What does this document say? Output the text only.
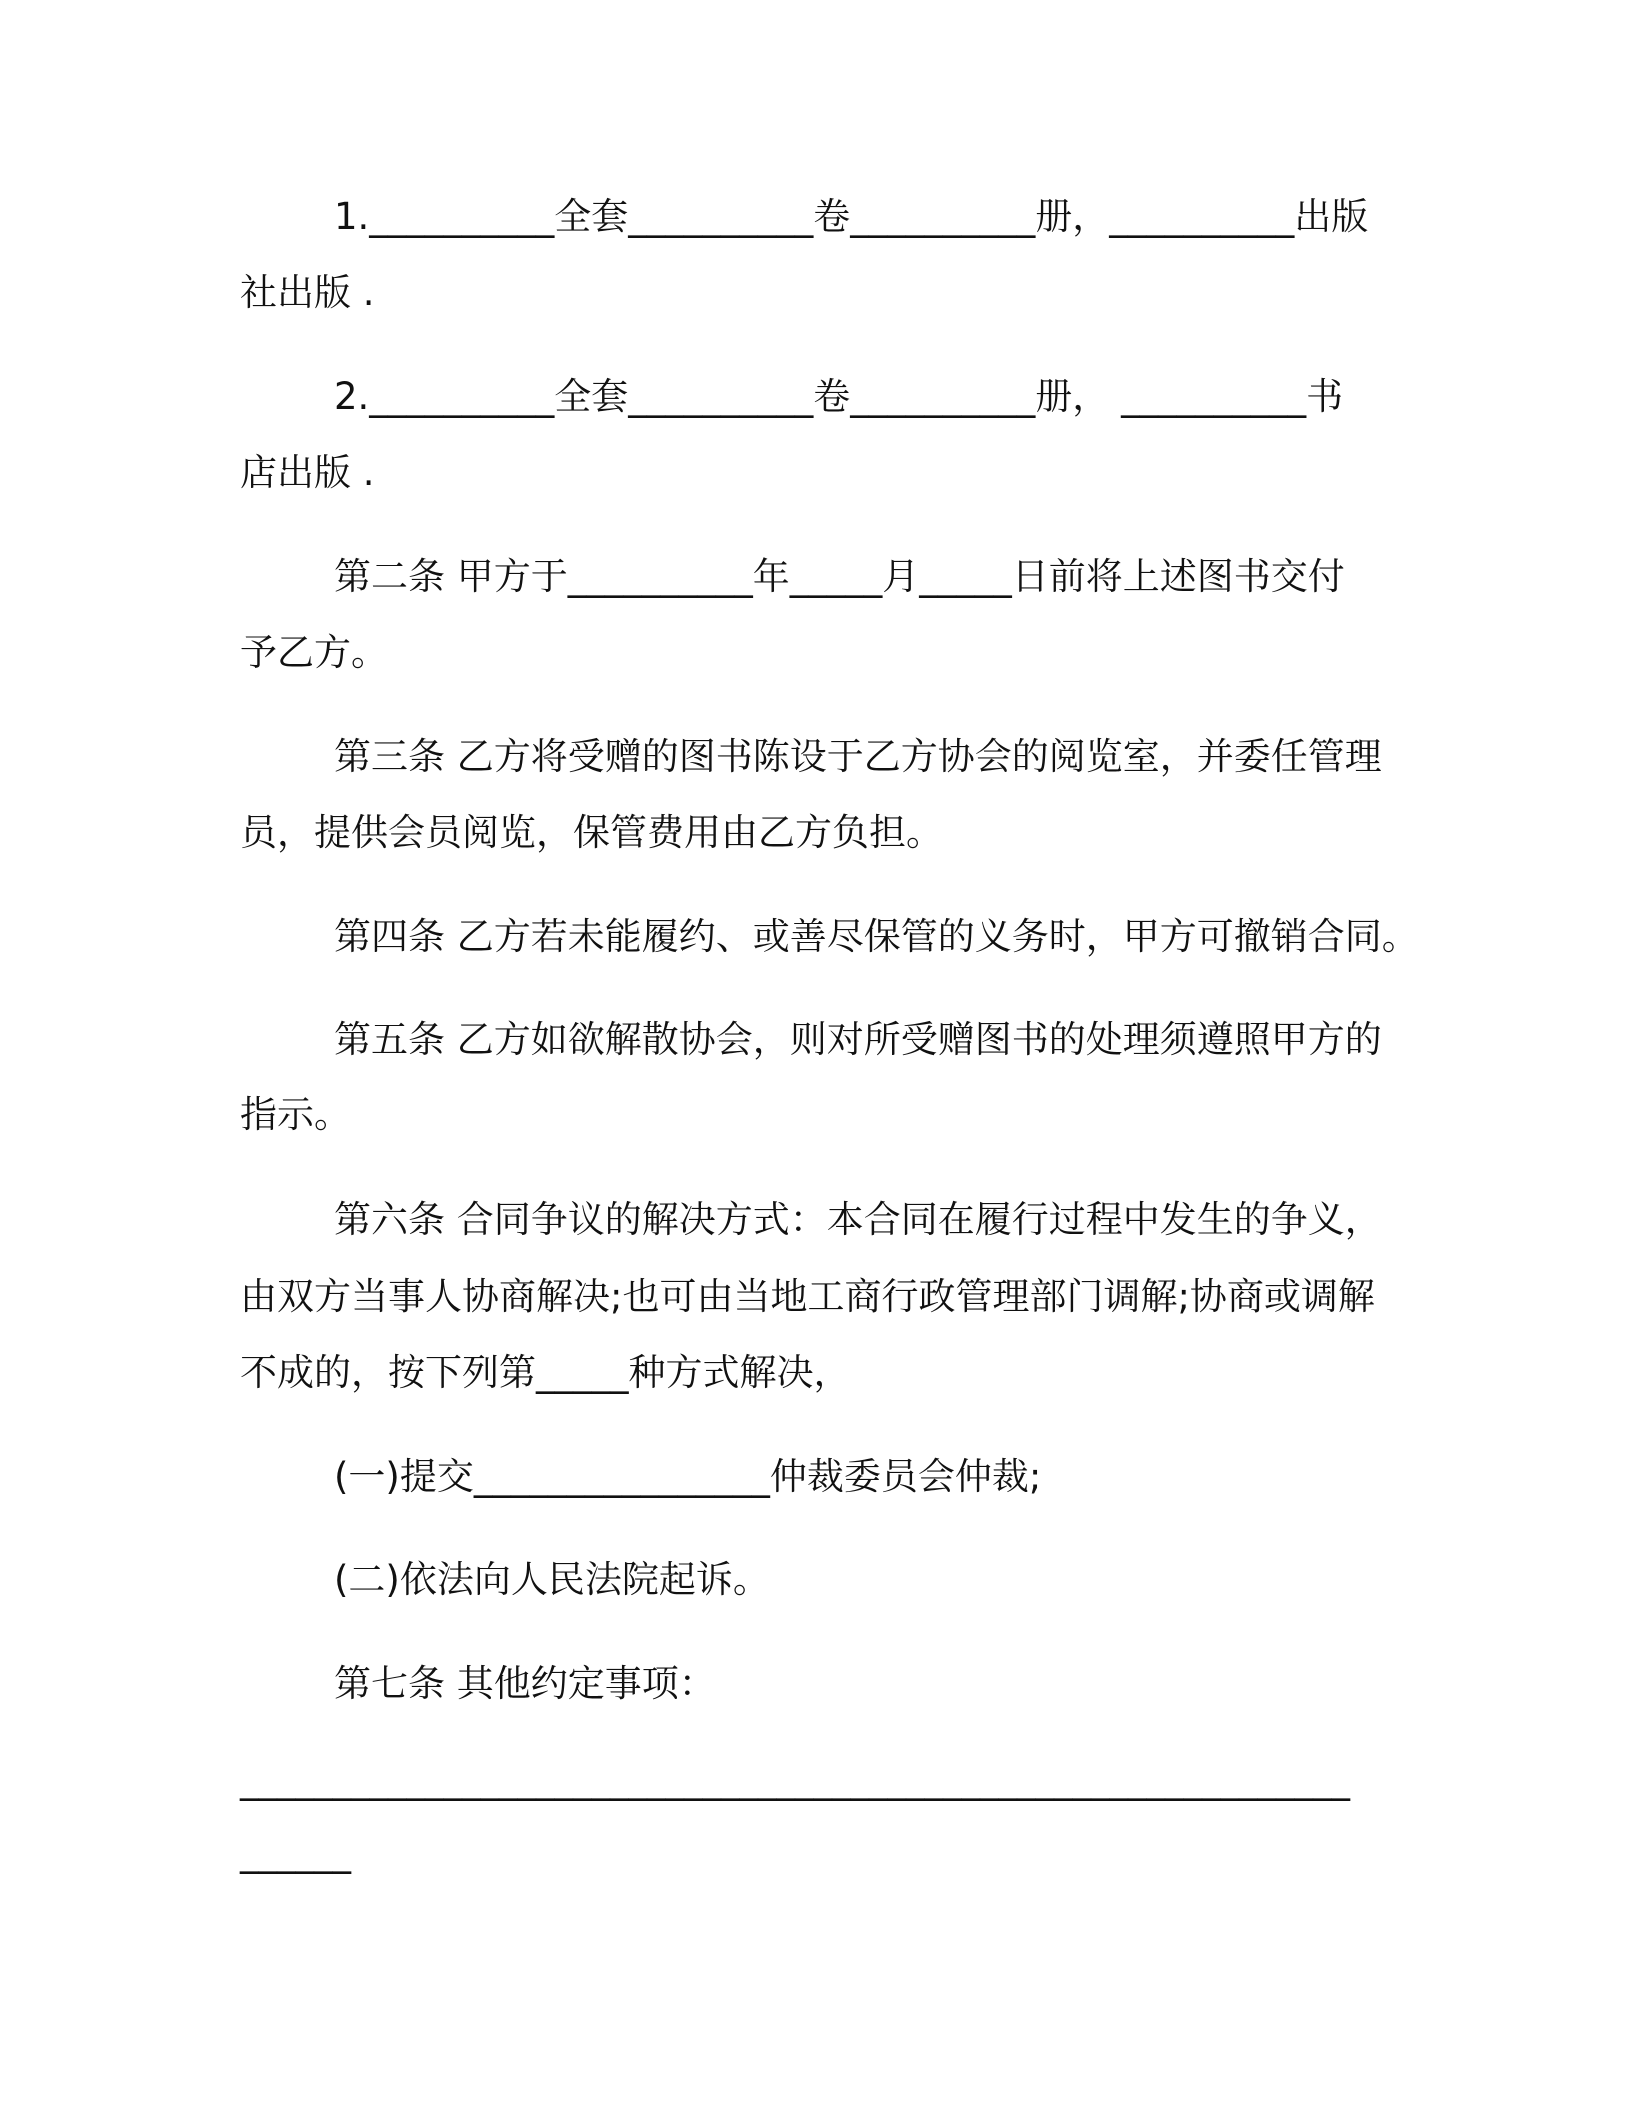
1.__________全套__________卷__________册，__________出版
社出版 .
2.__________全套__________卷__________册， __________书
店出版 .
第二条 甲方于__________年_____月_____日前将上述图书交付
予乙方。
第三条 乙方将受赠的图书陈设于乙方协会的阅览室，并委任管理
员，提供会员阅览，保管费用由乙方负担。
第四条 乙方若未能履约、或善尽保管的义务时，甲方可撤销合同。
第五条 乙方如欲解散协会，则对所受赠图书的处理须遵照甲方的
指示。
第六条 合同争议的解决方式：本合同在履行过程中发生的争义，
由双方当事人协商解决;也可由当地工商行政管理部门调解;协商或调解
不成的，按下列第_____种方式解决，
(一)提交________________仲裁委员会仲裁;
(二)依法向人民法院起诉。
第七条 其他约定事项：
____________________________________________________________
______
